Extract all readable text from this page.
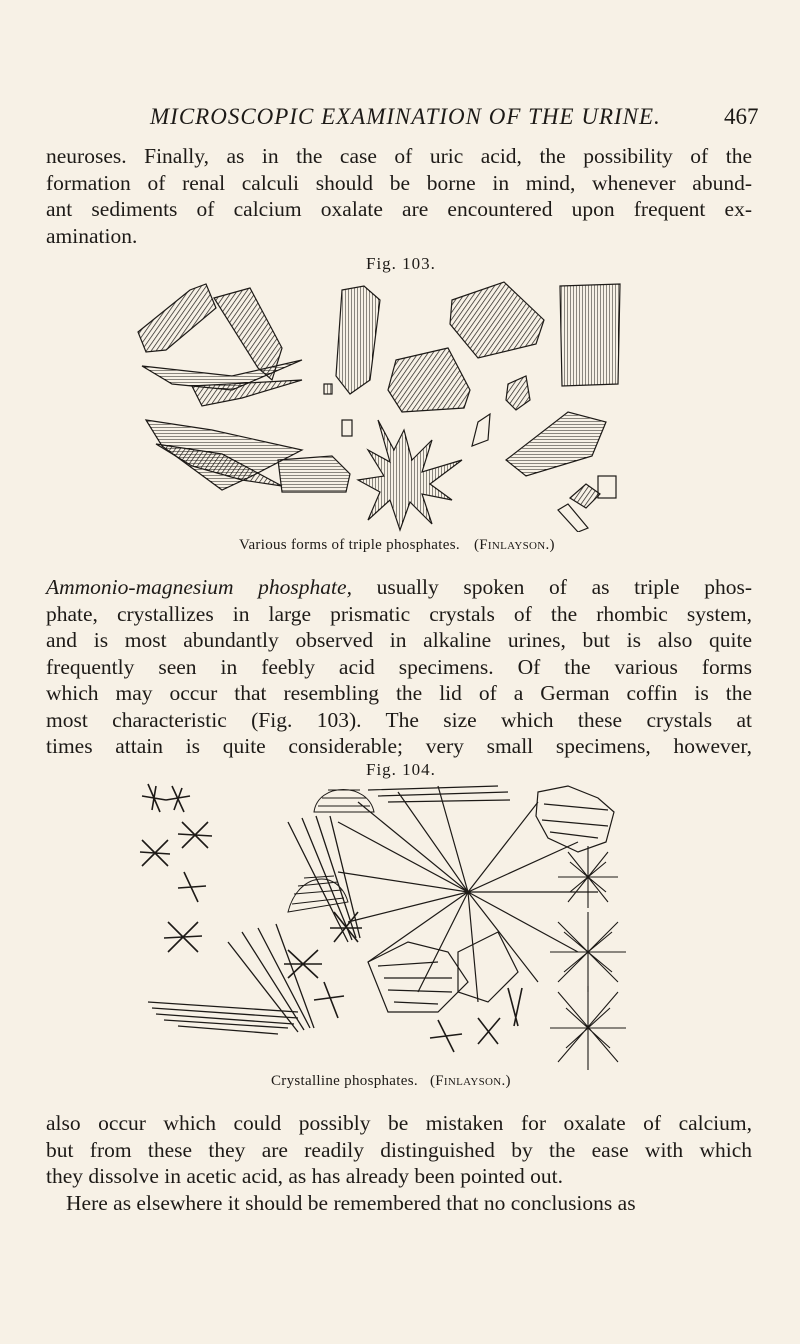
MICROSCOPIC EXAMINATION OF THE URINE.	467
neuroses. Finally, as in the case of uric acid, the possibility of the
formation of renal calculi should be borne in mind, whenever abund-
ant sediments of calcium oxalate are encountered upon frequent ex-
amination.
Fig. 103.
Various forms of triple phosphates. (Finlayson.)
Ammonio-magnesium phosphate, usually spoken of as triple phos-
phate, crystallizes in large prismatic crystals of the rhombic system,
and is most abundantly observed in alkaline urines, but is also quite
frequently seen in feebly acid specimens. Of the various forms
which may occur that resembling the lid of a German coffin is the
most characteristic (Fig. 103). The size which these crystals at
times attain is quite considerable; very small specimens, however,
Fig. 104.
Crystalline phosphates. (Finlayson.)
also occur which could possibly be mistaken for oxalate of calcium,
but from these they are readily distinguished by the ease with which
they dissolve in acetic acid, as has already been pointed out.
Here as elsewhere it should be remembered that no conclusions as
